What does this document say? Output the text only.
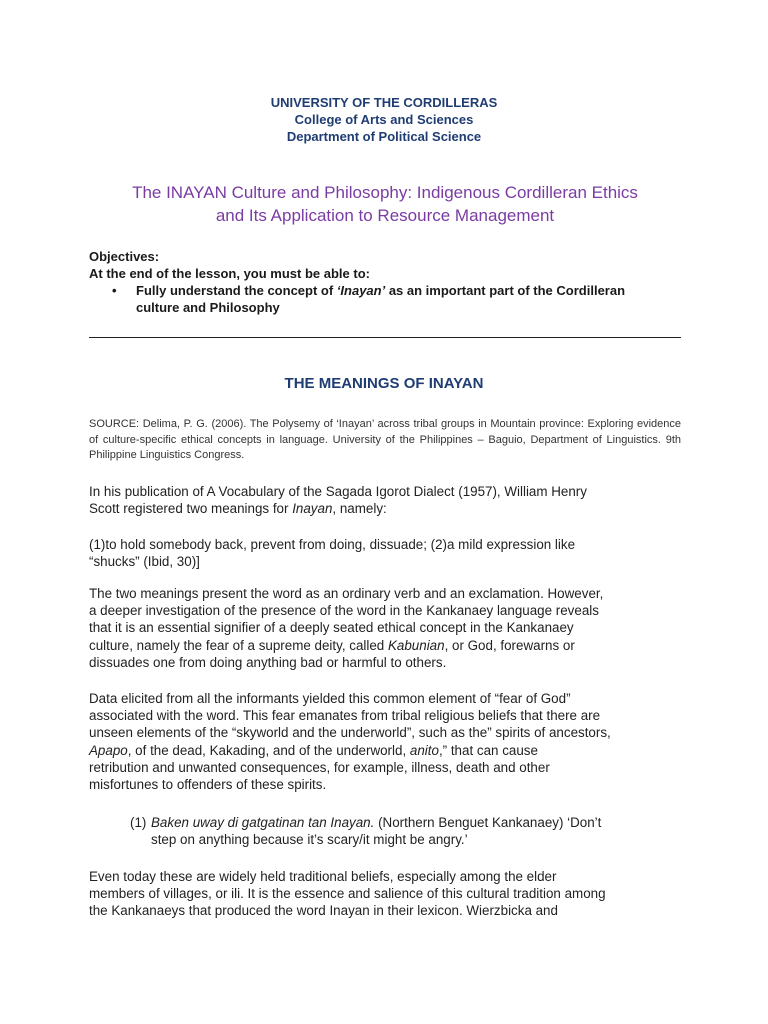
UNIVERSITY OF THE CORDILLERAS
College of Arts and Sciences
Department of Political Science
The INAYAN Culture and Philosophy: Indigenous Cordilleran Ethics
and Its Application to Resource Management
Objectives:
At the end of the lesson, you must be able to:
• Fully understand the concept of ‘Inayan’ as an important part of the Cordilleran
culture and Philosophy
THE MEANINGS OF INAYAN
SOURCE: Delima, P. G. (2006). The Polysemy of ‘Inayan’ across tribal groups in Mountain province: Exploring evidence of culture-specific ethical concepts in language. University of the Philippines – Baguio, Department of Linguistics. 9th Philippine Linguistics Congress.
In his publication of A Vocabulary of the Sagada Igorot Dialect (1957), William Henry
Scott registered two meanings for Inayan, namely:
(1)to hold somebody back, prevent from doing, dissuade; (2)a mild expression like
“shucks” (Ibid, 30)]
The two meanings present the word as an ordinary verb and an exclamation. However,
a deeper investigation of the presence of the word in the Kankanaey language reveals
that it is an essential signifier of a deeply seated ethical concept in the Kankanaey
culture, namely the fear of a supreme deity, called Kabunian, or God, forewarns or
dissuades one from doing anything bad or harmful to others.
Data elicited from all the informants yielded this common element of “fear of God”
associated with the word. This fear emanates from tribal religious beliefs that there are
unseen elements of the “skyworld and the underworld”, such as the” spirits of ancestors,
Apapo, of the dead, Kakading, and of the underworld, anito,” that can cause
retribution and unwanted consequences, for example, illness, death and other
misfortunes to offenders of these spirits.
(1) Baken uway di gatgatinan tan Inayan. (Northern Benguet Kankanaey) ‘Don’t
step on anything because it’s scary/it might be angry.’
Even today these are widely held traditional beliefs, especially among the elder
members of villages, or ili. It is the essence and salience of this cultural tradition among
the Kankanaeys that produced the word Inayan in their lexicon. Wierzbicka and
